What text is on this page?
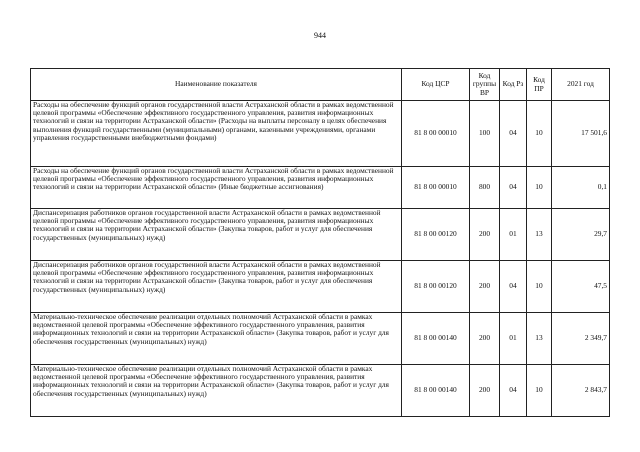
944
Наименование показателя	Код ЦСР	Код группы ВР	Код Рз	Код ПР	2021 год
Расходы на обеспечение функций органов государственной власти Астраханской области в рамках ведомственной целевой программы «Обеспечение эффективного государственного управления, развития информационных технологий и связи на территории Астраханской области» (Расходы на выплаты персоналу в целях обеспечения выполнения функций государственными (муниципальными) органами, казенными учреждениями, органами управления государственными внебюджетными фондами)	81 8 00 00010	100	04	10	17 501,6
Расходы на обеспечение функций органов государственной власти Астраханской области в рамках ведомственной целевой программы «Обеспечение эффективного государственного управления, развития информационных технологий и связи на территории Астраханской области» (Иные бюджетные ассигнования)	81 8 00 00010	800	04	10	0,1
Диспансеризация работников органов государственной власти Астраханской области в рамках ведомственной целевой программы «Обеспечение эффективного государственного управления, развития информационных технологий и связи на территории Астраханской области» (Закупка товаров, работ и услуг для обеспечения государственных (муниципальных) нужд)	81 8 00 00120	200	01	13	29,7
Диспансеризация работников органов государственной власти Астраханской области в рамках ведомственной целевой программы «Обеспечение эффективного государственного управления, развития информационных технологий и связи на территории Астраханской области» (Закупка товаров, работ и услуг для обеспечения государственных (муниципальных) нужд)	81 8 00 00120	200	04	10	47,5
Материально-техническое обеспечение реализации отдельных полномочий Астраханской области в рамках ведомственной целевой программы «Обеспечение эффективного государственного управления, развития информационных технологий и связи на территории Астраханской области» (Закупка товаров, работ и услуг для обеспечения государственных (муниципальных) нужд)	81 8 00 00140	200	01	13	2 349,7
Материально-техническое обеспечение реализации отдельных полномочий Астраханской области в рамках ведомственной целевой программы «Обеспечение эффективного государственного управления, развития информационных технологий и связи на территории Астраханской области» (Закупка товаров, работ и услуг для обеспечения государственных (муниципальных) нужд)	81 8 00 00140	200	04	10	2 843,7
